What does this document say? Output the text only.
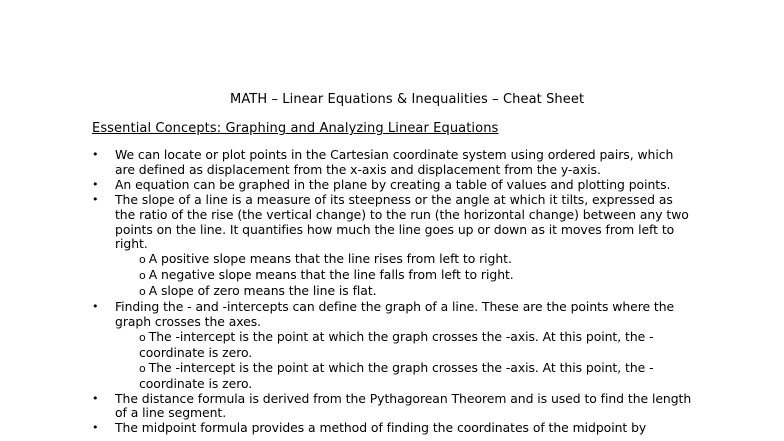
MATH – Linear Equations & Inequalities – Cheat Sheet
Essential Concepts: Graphing and Analyzing Linear Equations
• We can locate or plot points in the Cartesian coordinate system using ordered pairs, which are defined as displacement from the x-axis and displacement from the y-axis.
• An equation can be graphed in the plane by creating a table of values and plotting points.
• The slope of a line is a measure of its steepness or the angle at which it tilts, expressed as the ratio of the rise (the vertical change) to the run (the horizontal change) between any two points on the line. It quantifies how much the line goes up or down as it moves from left to right.
o A positive slope means that the line rises from left to right.
o A negative slope means that the line falls from left to right.
o A slope of zero means the line is flat.
• Finding the - and -intercepts can define the graph of a line. These are the points where the graph crosses the axes.
o The -intercept is the point at which the graph crosses the -axis. At this point, the -coordinate is zero.
o The -intercept is the point at which the graph crosses the -axis. At this point, the -coordinate is zero.
• The distance formula is derived from the Pythagorean Theorem and is used to find the length of a line segment.
• The midpoint formula provides a method of finding the coordinates of the midpoint by
